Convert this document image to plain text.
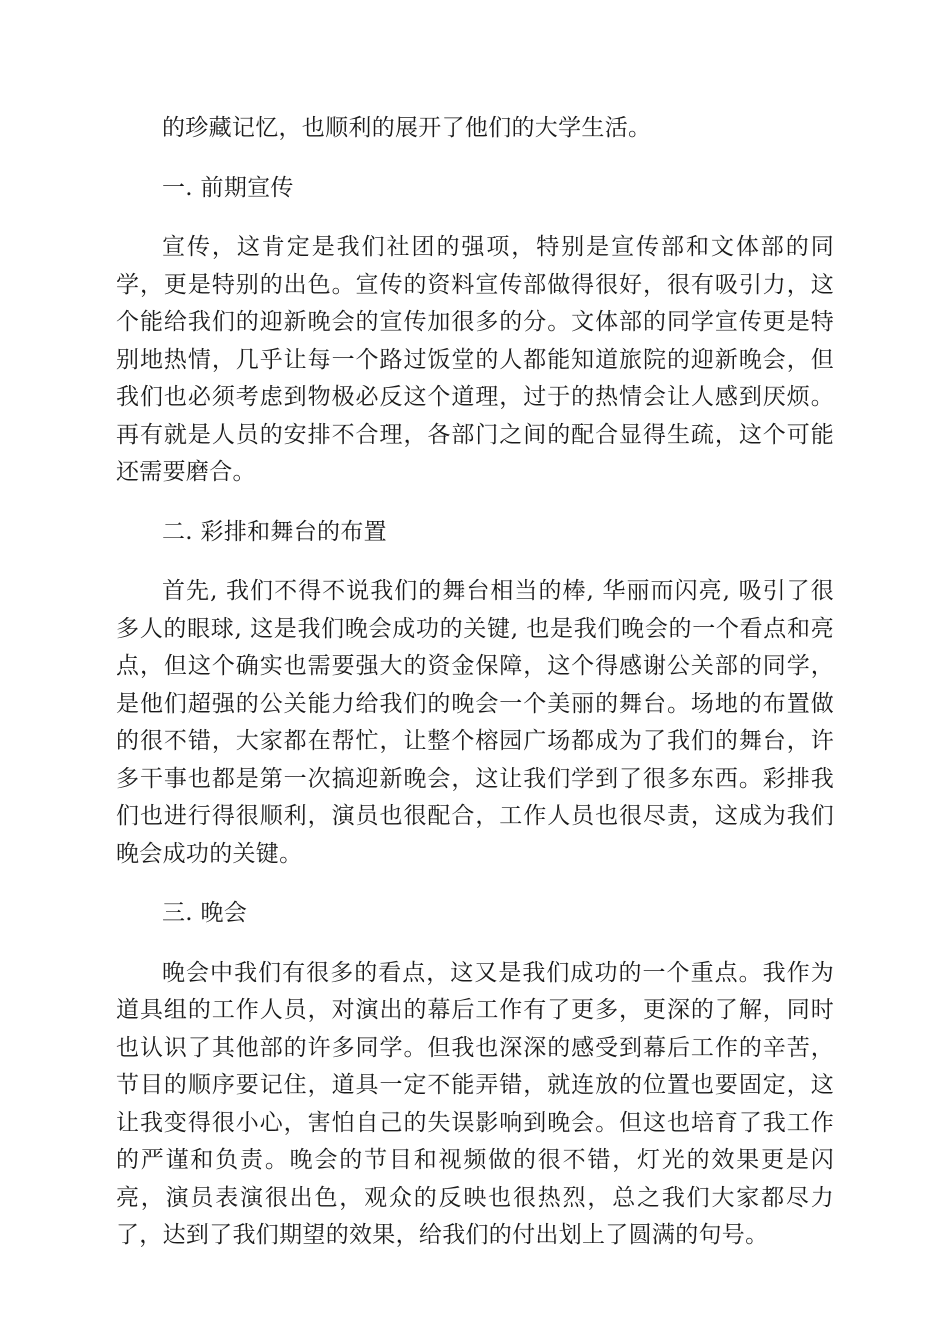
的珍藏记忆，也顺利的展开了他们的大学生活。

一. 前期宣传

宣传，这肯定是我们社团的强项，特别是宣传部和文体部的同学，更是特别的出色。宣传的资料宣传部做得很好，很有吸引力，这个能给我们的迎新晚会的宣传加很多的分。文体部的同学宣传更是特别地热情，几乎让每一个路过饭堂的人都能知道旅院的迎新晚会，但我们也必须考虑到物极必反这个道理，过于的热情会让人感到厌烦。再有就是人员的安排不合理，各部门之间的配合显得生疏，这个可能还需要磨合。

二. 彩排和舞台的布置

首先, 我们不得不说我们的舞台相当的棒, 华丽而闪亮, 吸引了很多人的眼球, 这是我们晚会成功的关键, 也是我们晚会的一个看点和亮点，但这个确实也需要强大的资金保障，这个得感谢公关部的同学，是他们超强的公关能力给我们的晚会一个美丽的舞台。场地的布置做的很不错，大家都在帮忙，让整个榕园广场都成为了我们的舞台，许多干事也都是第一次搞迎新晚会，这让我们学到了很多东西。彩排我们也进行得很顺利，演员也很配合，工作人员也很尽责，这成为我们晚会成功的关键。

三. 晚会

晚会中我们有很多的看点，这又是我们成功的一个重点。我作为道具组的工作人员，对演出的幕后工作有了更多，更深的了解，同时也认识了其他部的许多同学。但我也深深的感受到幕后工作的辛苦，节目的顺序要记住，道具一定不能弄错，就连放的位置也要固定，这让我变得很小心，害怕自己的失误影响到晚会。但这也培育了我工作的严谨和负责。晚会的节目和视频做的很不错，灯光的效果更是闪亮，演员表演很出色，观众的反映也很热烈，总之我们大家都尽力了，达到了我们期望的效果，给我们的付出划上了圆满的句号。
